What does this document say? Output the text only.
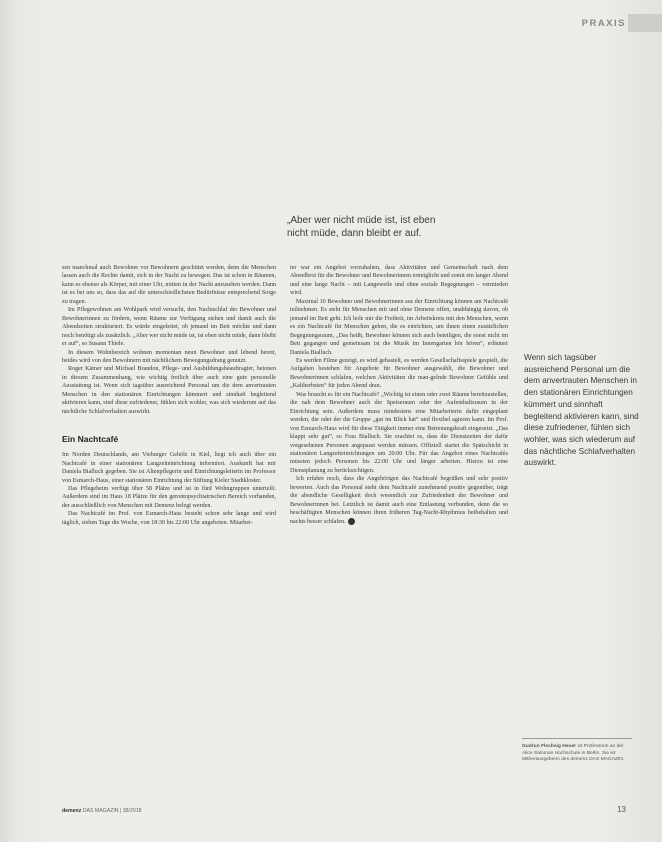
PRAXIS
„Aber wer nicht müde ist, ist eben
nicht müde, dann bleibt er auf.

sen manchmal auch Bewohner vor Bewohnern geschützt werden, denn die Menschen lassen auch die Rechte damit, sich in der Nacht zu bewegen. Das ist schon in Räumen, kann es ebenso als Körper, mit einer Uhr, mitten in der Nacht anzusehen werden. Dann ist es bei uns so, dass das auf die unterschiedlichsten Bedürfnisse entsprechend Sorge zu tragen.

Im Pflegewohnen am Wohlpark wird versucht, den Nachtschlaf der Bewohner und Bewohnerinnen zu fördern, wenn Räume zur Verfügung stehen und damit auch die Abendzeiten strukturiert. Es würde eingeleitet, ob jemand im Bett möchte und dann noch benötigt als zusätzlich. „Aber wer nicht müde ist, ist eben nicht müde, dann bleibt er auf“, so Susann Thiele.

In diesem Wohnbereich wohnen momentan neun Bewohner und lebend bereit, beides wird von den Bewohnern mit nächtlichem Bewegungsdrang genutzt.

Roger Kämer und Michael Brandon, Pflege- und Ausbildungsbeauftragter, betonen in diesem Zusammenhang, wie wichtig freilich über auch eine gute personelle Ausstattung ist. Wenn sich tagsüber ausreichend Personal um die dem anvertrauten Menschen in den stationären Einrichtungen kümmert und sinnhaft begleitend aktivieren kann, sind diese zufriedener, fühlen sich wohler, was sich wiederum auf das nächtliche Schlafverhalten auswirkt.

Ein Nachtcafé

Im Norden Deutschlands, am Vieburger Gehölz in Kiel, liegt ich auch über ein Nachtcafé in einer stationären Langzeiteinrichtung informiert. Auskunft hat mir Daniela Bialluch gegeben. Sie ist Altenpflegerin und Einrichtungsleiterin im Professor von Esmarch-Haus, einer stationären Einrichtung der Stiftung Kieler Stadtkloster.

Das Pflegeheim verfügt über 58 Plätze und ist in fünf Wohngruppen unterteilt. Außerdem sind im Haus 18 Plätze für den gerontopsychiatrischen Bereich vorhanden, der ausschließlich von Menschen mit Demenz belegt werden.

Das Nachtcafé im Prof. von Esmarch-Haus besteht schon sehr lange und wird täglich, sieben Tage die Woche, von 18:30 bis 22:00 Uhr angeboten. Mitarbei-

ter war ein Angebot vorzuhalten, dass Aktivitäten und Gemeinschaft nach dem Abendbrot für die Bewohner und Bewohnerinnen ermöglicht und somit ein langer Abend und eine lange Nacht – mit Langeweile und ohne soziale Begegnungen – vermieden wird.

Maximal 10 Bewohner und Bewohnerinnen aus der Einrichtung können am Nachtcafé teilnehmen. Es steht für Menschen mit und ohne Demenz offen, unabhängig davon, ob jemand im Bett geht. Ich hole mir die Freiheit, im Arbeitskreis mit den Menschen, wenn es ein Nachtcafé für Menschen gehen, die es einrichten, um ihnen einen zusätzlichen Begegnungsraum, „Das heißt, Bewohner können sich auch beteiligen, die sonst nicht im Bett gegangen und gemeinsam ist die Musik im Innengarten hör hören“, erläutert Daniela Bialluch.

Es werden Filme gezeigt, es wird gebastelt, es werden Gesellschaftsspiele gespielt, die Aufgaben bestehen für Angebote für Bewohner ausgewählt, die Bewohner und Bewohnerinnen schlafen, welchen Aktivitäten die man-gelnde Bewohner Gefühle und „Kaltherbsten“ für jeden Abend dran.

Was braucht es für ein Nachtcafé? „Wichtig ist einen oder zwei Räume bereitzustellen, die nah dem Bewohner auch der Speiseraum oder der Aufenthaltsraum in der Einrichtung sein. Außerdem muss mindestens eine Mitarbeiterin dafür eingeplant werden, die oder der die Gruppe „gut im Blick hat“ und flexibel agieren kann. Im Prof. von Esmarch-Haus wird für diese Tätigkeit immer eine Betreuungskraft eingesetzt. „Das klappt sehr gut“, so Frau Bialluch. Sie erachtet es, dass die Dienstzeiten der dafür vorgesehenen Personen angepasst werden müssen. Offiziell startet die Spätschicht in stationären Langzeiteinrichtungen um 20:00 Uhr. Für das Angebot eines Nachtcafés müssten jedoch Personen bis 22:00 Uhr und länger arbeiten. Hierzu ist eine Dienstplanung zu berücksichtigen.

Ich erfahre noch, dass die Angehörigen das Nachtcafé begrüßen und sehr positiv bewerten. Auch das Personal steht dem Nachtcafé zunehmend positiv gegenüber, trägt die abendliche Geselligkeit doch wesentlich zur Zufriedenheit der Bewohner und Bewohnerinnen bei. Letztlich ist damit auch eine Entlastung verbunden, denn die so beschäftigten Menschen können ihren früheren Tag-Nacht-Rhythmus beibehalten und nachts besser schlafen.

Wenn sich tagsüber ausreichend Personal um die dem anvertrauten Menschen in den stationären Einrichtungen kümmert und sinnhaft begleitend aktivieren kann, sind diese zufriedener, fühlen sich wohler, was sich wiederum auf das nächtliche Schlafverhalten auswirkt.
Gudrun Flechsig Heuer ist Professorin an der Alice Salomon Hochschule in Berlin. Sie ist Mitherausgeberin des demenz DAS MAGAZIN.
demenz DAS MAGAZIN | 38/2018	13
